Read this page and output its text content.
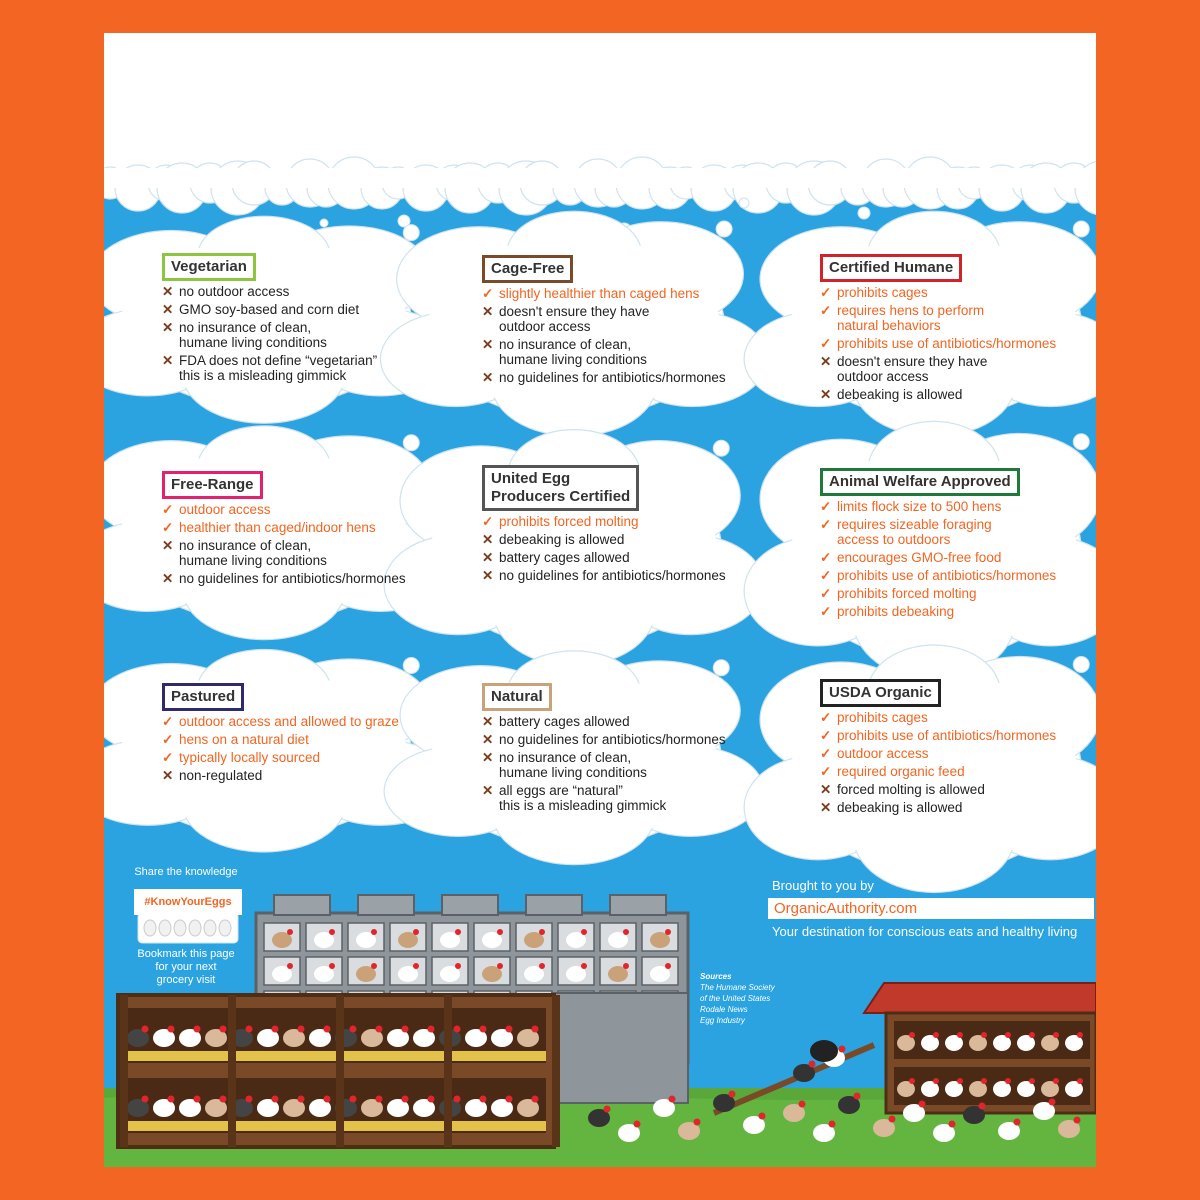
Vegetarian
✕ no outdoor access
✕ GMO soy-based and corn diet
✕ no insurance of clean,
humane living conditions
✕ FDA does not define “vegetarian”
this is a misleading gimmick
Cage-Free
✓ slightly healthier than caged hens
✕ doesn't ensure they have
outdoor access
✕ no insurance of clean,
humane living conditions
✕ no guidelines for antibiotics/hormones
Certified Humane
✓ prohibits cages
✓ requires hens to perform
natural behaviors
✓ prohibits use of antibiotics/hormones
✕ doesn't ensure they have
outdoor access
✕ debeaking is allowed
Free-Range
✓ outdoor access
✓ healthier than caged/indoor hens
✕ no insurance of clean,
humane living conditions
✕ no guidelines for antibiotics/hormones
United Egg
Producers Certified
✓ prohibits forced molting
✕ debeaking is allowed
✕ battery cages allowed
✕ no guidelines for antibiotics/hormones
Animal Welfare Approved
✓ limits flock size to 500 hens
✓ requires sizeable foraging
access to outdoors
✓ encourages GMO-free food
✓ prohibits use of antibiotics/hormones
✓ prohibits forced molting
✓ prohibits debeaking
Pastured
✓ outdoor access and allowed to graze
✓ hens on a natural diet
✓ typically locally sourced
✕ non-regulated
Natural
✕ battery cages allowed
✕ no guidelines for antibiotics/hormones
✕ no insurance of clean,
humane living conditions
✕ all eggs are “natural”
this is a misleading gimmick
USDA Organic
✓ prohibits cages
✓ prohibits use of antibiotics/hormones
✓ outdoor access
✓ required organic feed
✕ forced molting is allowed
✕ debeaking is allowed
Share the knowledge
#KnowYourEggs
Bookmark this page
for your next
grocery visit	Sources
The Humane Society
of the United States
Rodale News
Egg Industry
Brought to you by
OrganicAuthority.com
Your destination for conscious eats and healthy living
